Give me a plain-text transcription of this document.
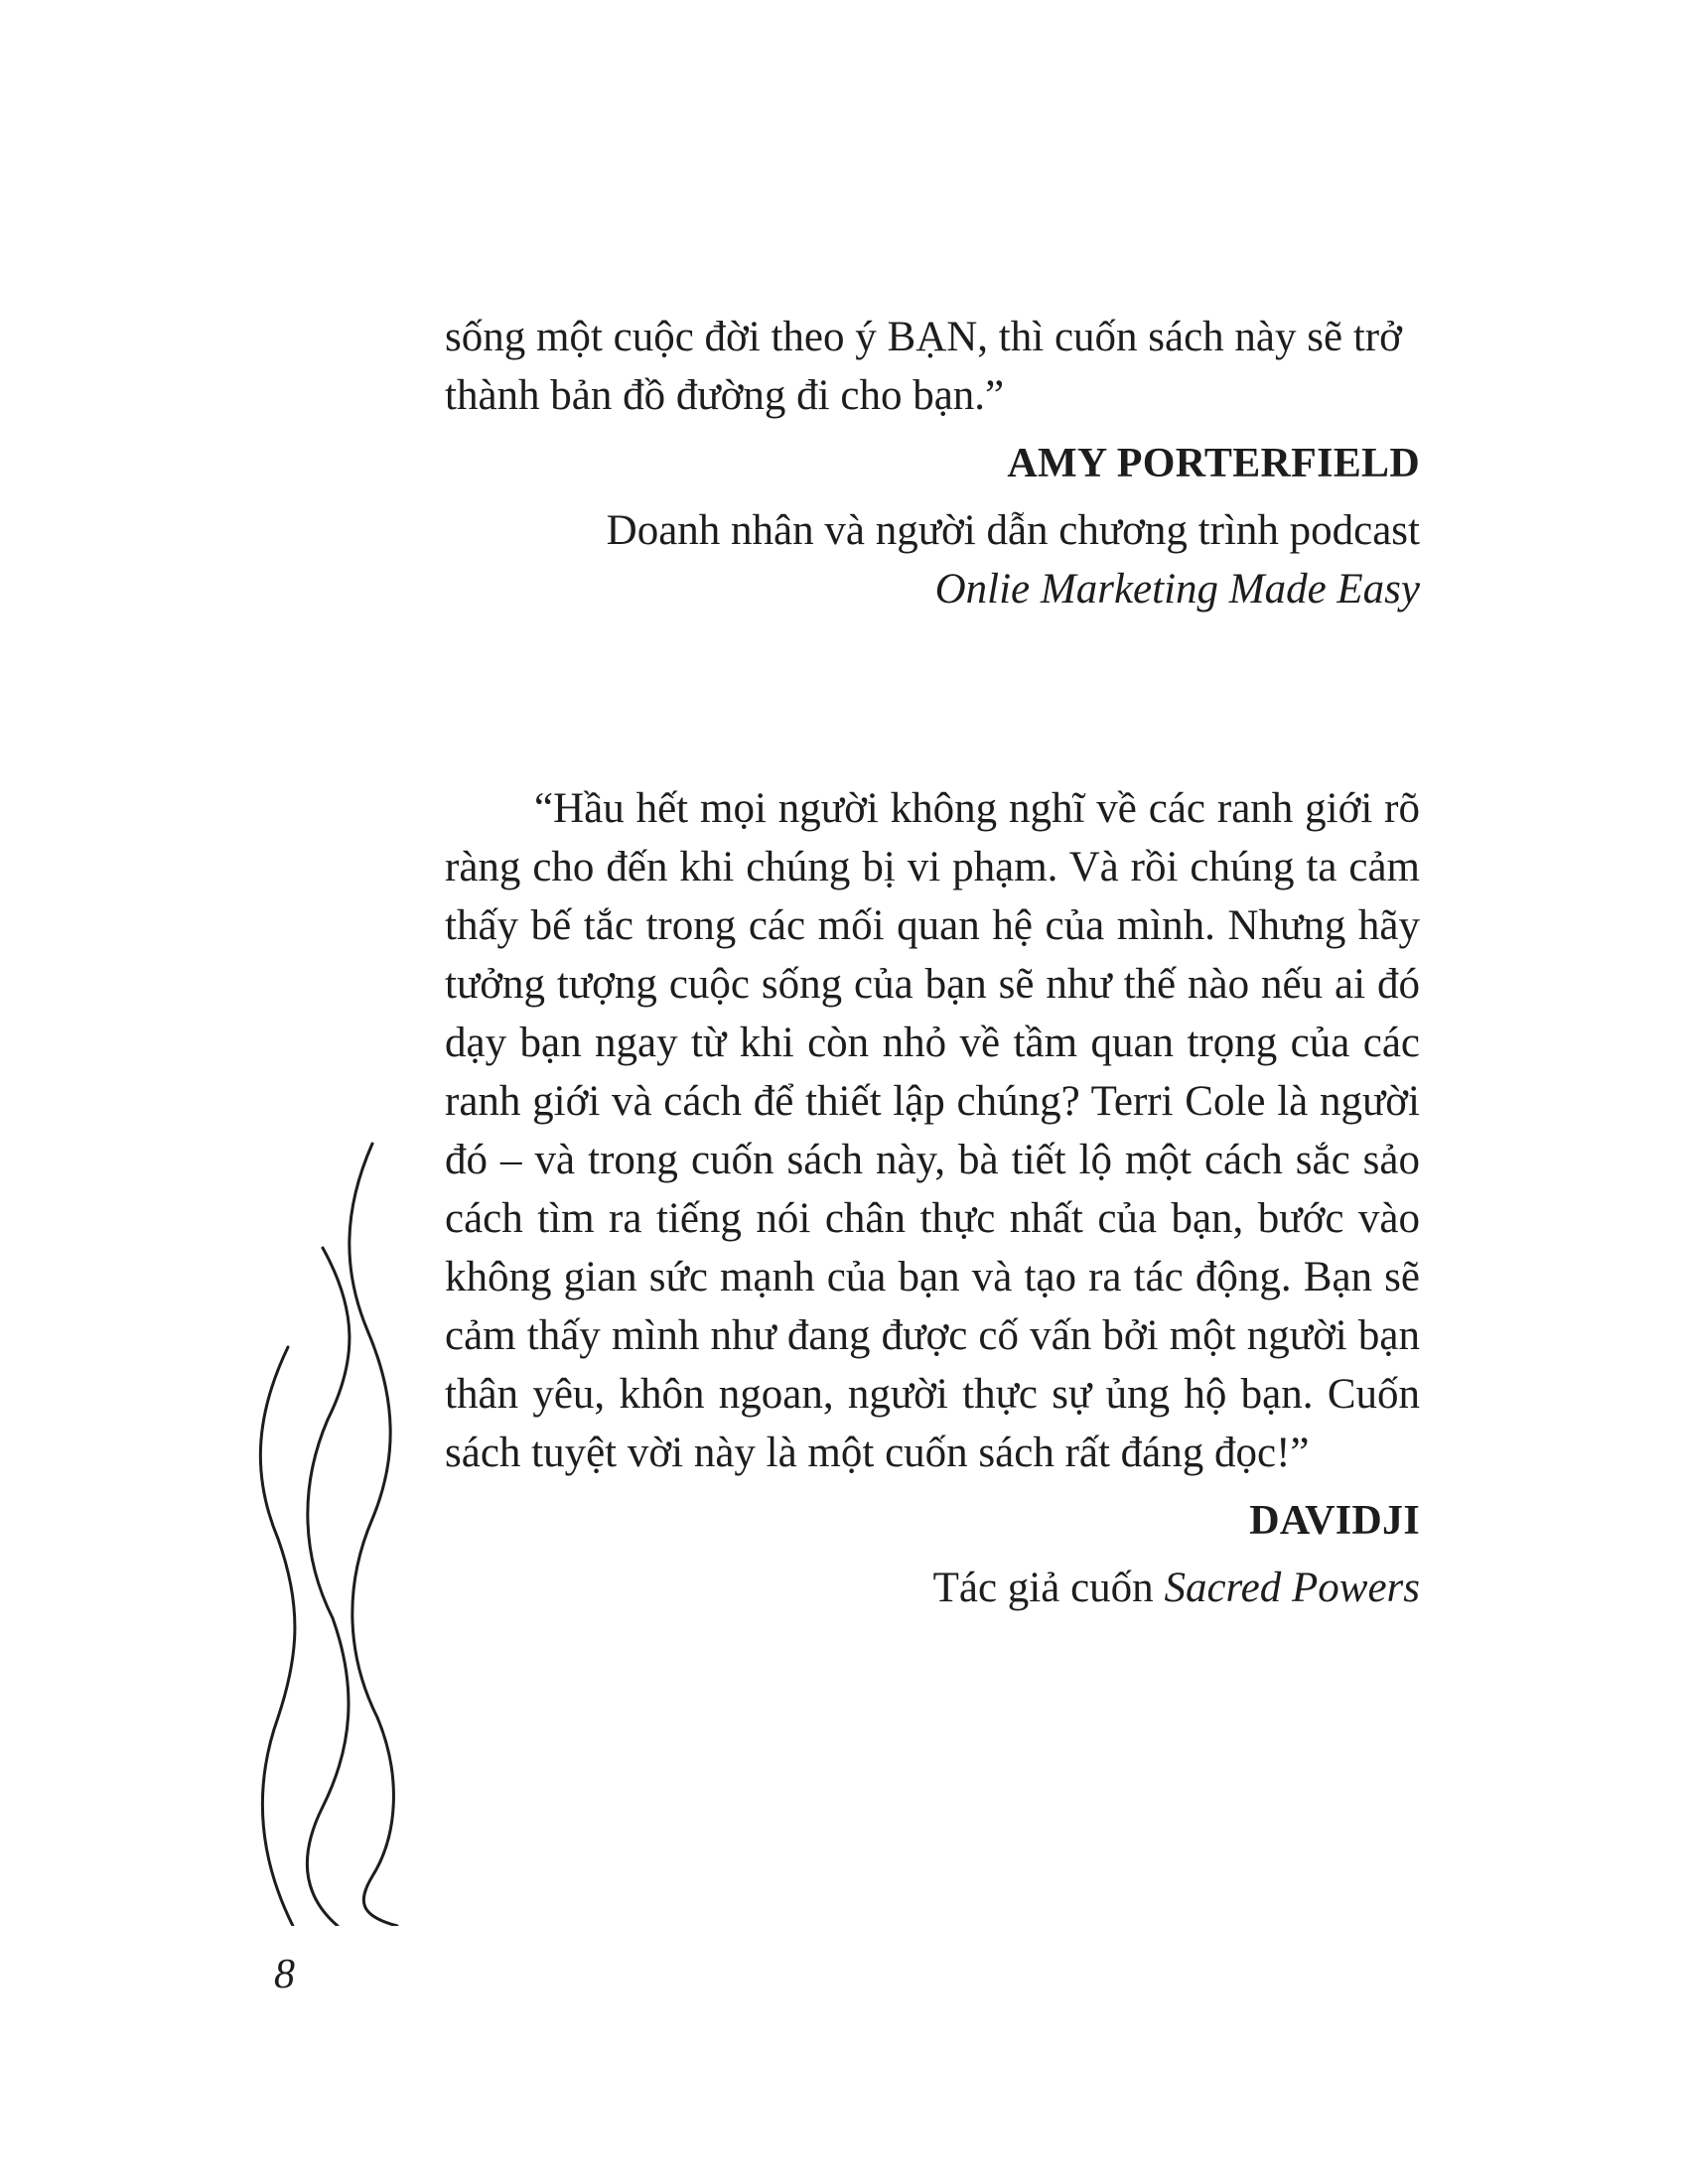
sống một cuộc đời theo ý BẠN, thì cuốn sách này sẽ trở
thành bản đồ đường đi cho bạn.”

AMY PORTERFIELD
Doanh nhân và người dẫn chương trình podcast
Onlie Marketing Made Easy

“Hầu hết mọi người không nghĩ về các ranh giới rõ ràng cho đến khi chúng bị vi phạm. Và rồi chúng ta cảm thấy bế tắc trong các mối quan hệ của mình. Nhưng hãy tưởng tượng cuộc sống của bạn sẽ như thế nào nếu ai đó dạy bạn ngay từ khi còn nhỏ về tầm quan trọng của các ranh giới và cách để thiết lập chúng? Terri Cole là người đó – và trong cuốn sách này, bà tiết lộ một cách sắc sảo cách tìm ra tiếng nói chân thực nhất của bạn, bước vào không gian sức mạnh của bạn và tạo ra tác động. Bạn sẽ cảm thấy mình như đang được cố vấn bởi một người bạn thân yêu, khôn ngoan, người thực sự ủng hộ bạn. Cuốn sách tuyệt vời này là một cuốn sách rất đáng đọc!”

DAVIDJI
Tác giả cuốn Sacred Powers
8
